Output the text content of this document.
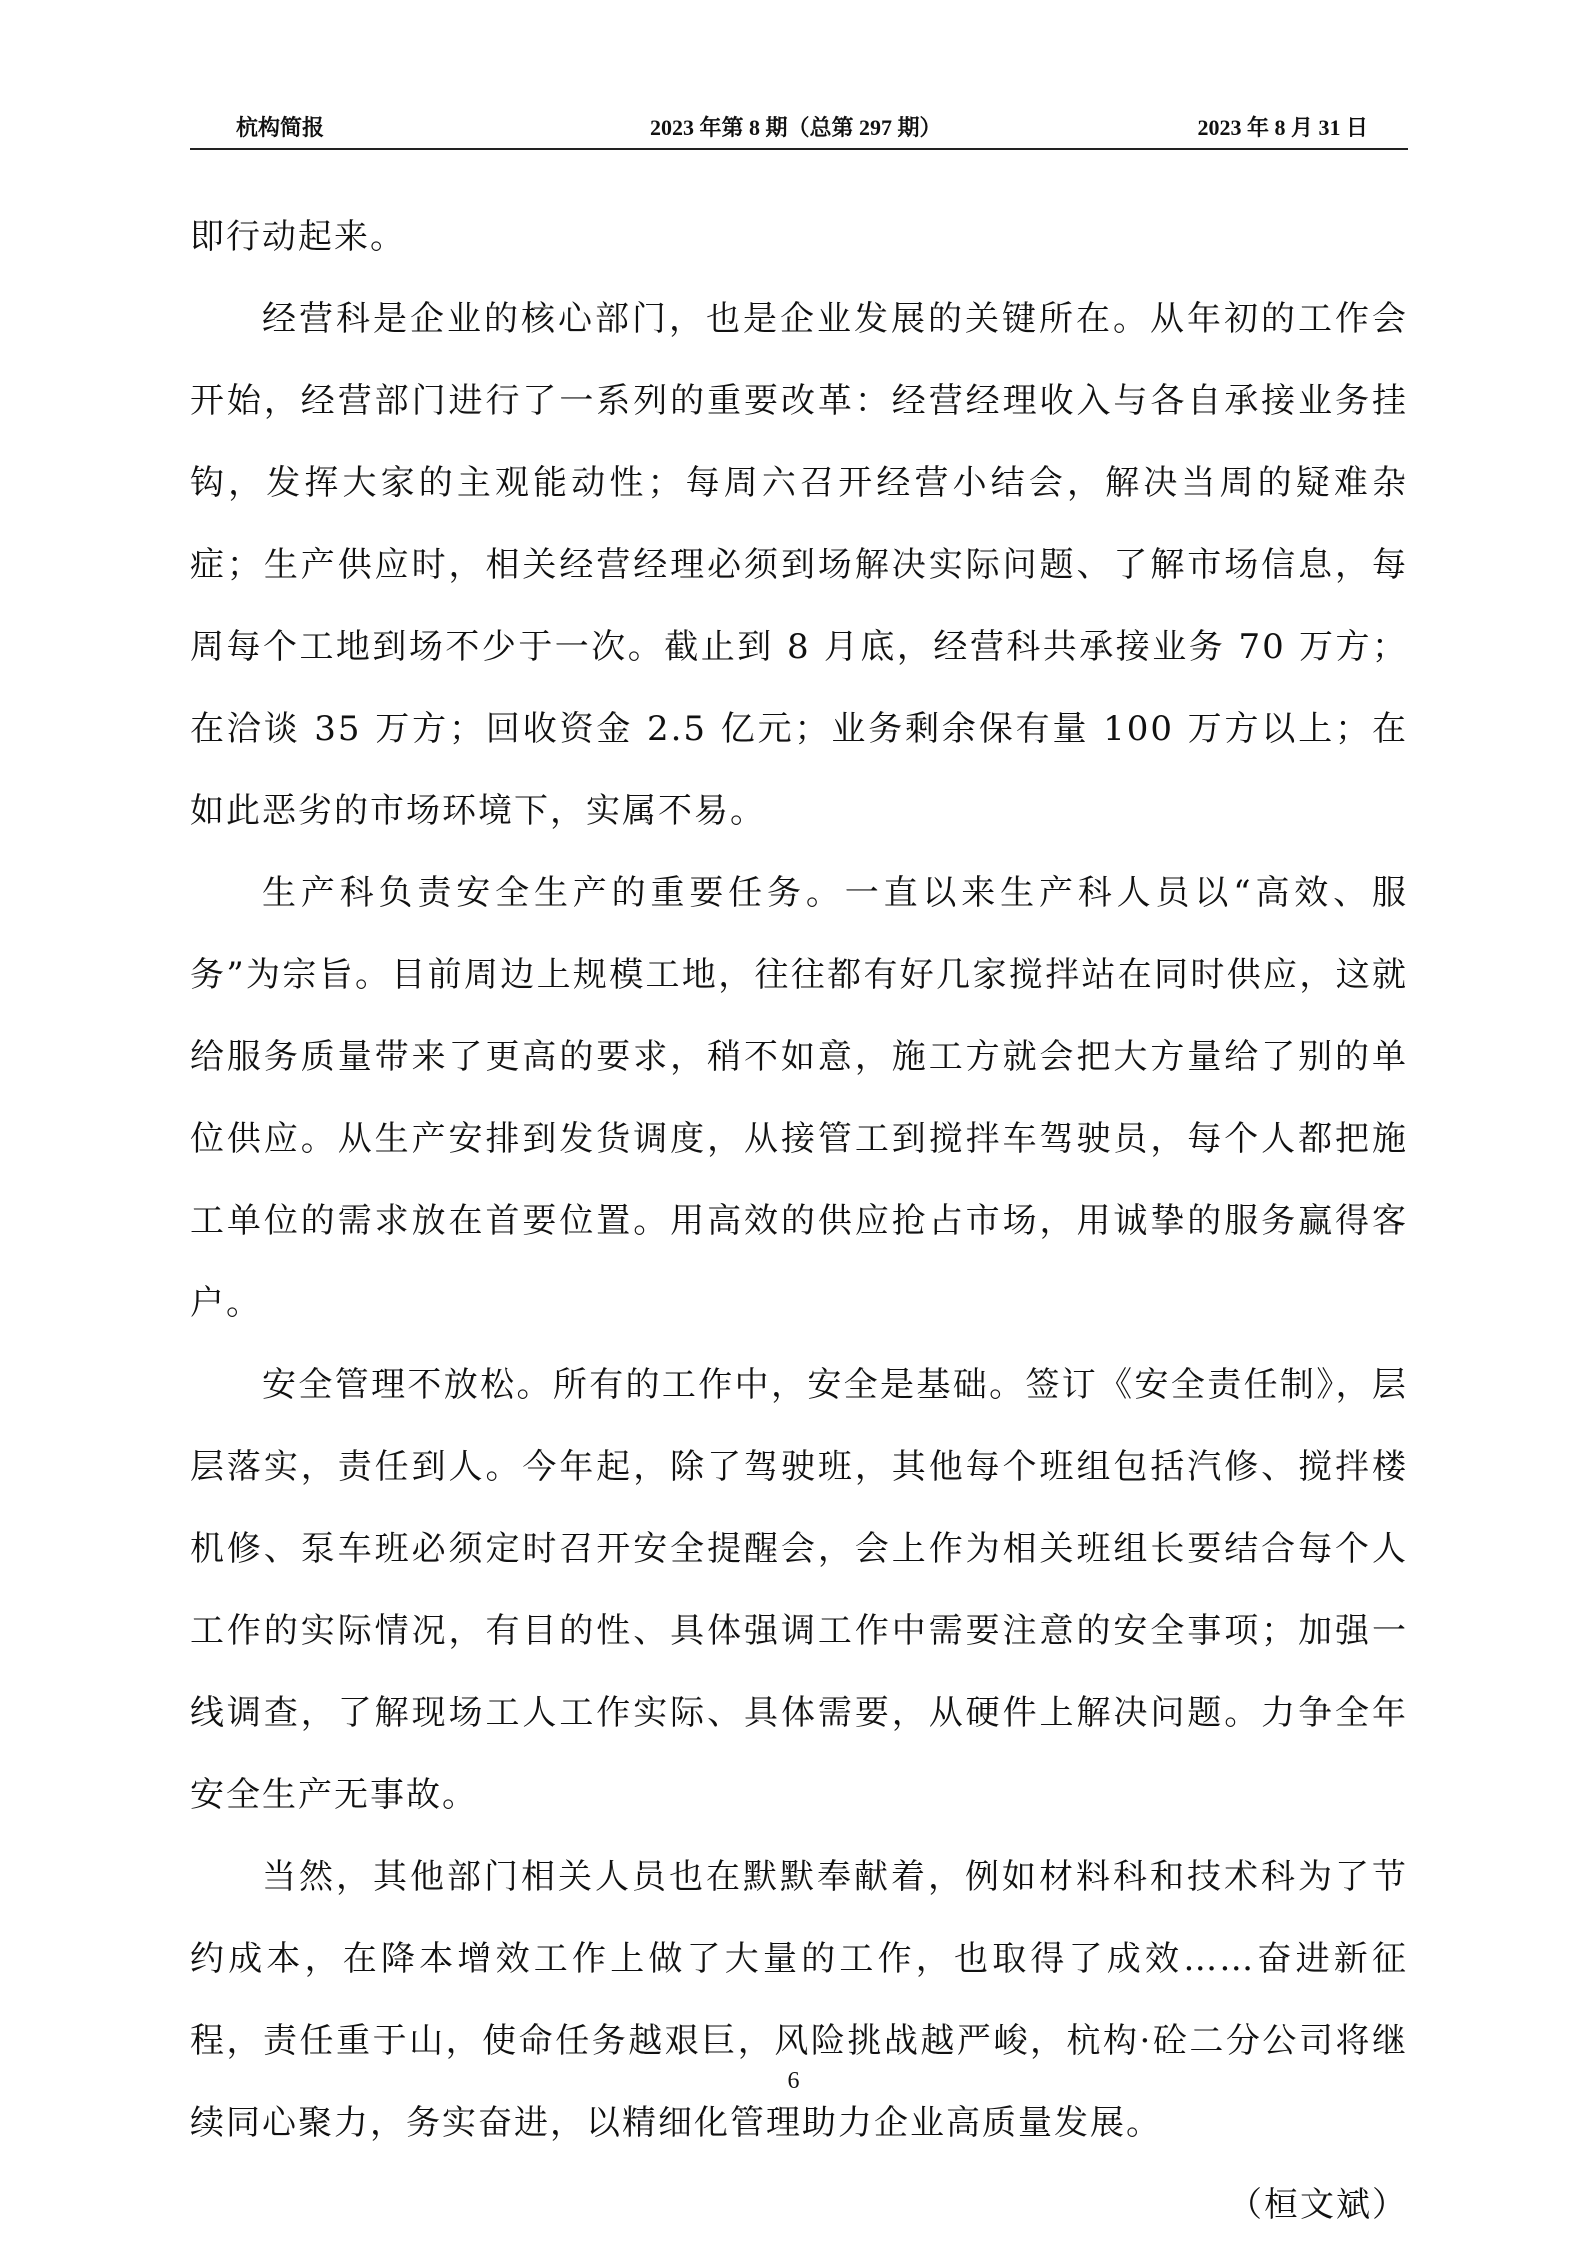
杭构简报	2023 年第 8 期（总第 297 期）	2023 年 8 月 31 日

即行动起来。

经营科是企业的核心部门，也是企业发展的关键所在。从年初的工作会开始，经营部门进行了一系列的重要改革：经营经理收入与各自承接业务挂钩，发挥大家的主观能动性；每周六召开经营小结会，解决当周的疑难杂症；生产供应时，相关经营经理必须到场解决实际问题、了解市场信息，每周每个工地到场不少于一次。截止到 8 月底，经营科共承接业务 70 万方；在洽谈 35 万方；回收资金 2.5 亿元；业务剩余保有量 100 万方以上；在如此恶劣的市场环境下，实属不易。

生产科负责安全生产的重要任务。一直以来生产科人员以“高效、服务”为宗旨。目前周边上规模工地，往往都有好几家搅拌站在同时供应，这就给服务质量带来了更高的要求，稍不如意，施工方就会把大方量给了别的单位供应。从生产安排到发货调度，从接管工到搅拌车驾驶员，每个人都把施工单位的需求放在首要位置。用高效的供应抢占市场，用诚挚的服务赢得客户。

安全管理不放松。所有的工作中，安全是基础。签订《安全责任制》，层层落实，责任到人。今年起，除了驾驶班，其他每个班组包括汽修、搅拌楼机修、泵车班必须定时召开安全提醒会，会上作为相关班组长要结合每个人工作的实际情况，有目的性、具体强调工作中需要注意的安全事项；加强一线调查，了解现场工人工作实际、具体需要，从硬件上解决问题。力争全年安全生产无事故。

当然，其他部门相关人员也在默默奉献着，例如材料科和技术科为了节约成本，在降本增效工作上做了大量的工作，也取得了成效……奋进新征程，责任重于山，使命任务越艰巨，风险挑战越严峻，杭构·砼二分公司将继续同心聚力，务实奋进，以精细化管理助力企业高质量发展。
（桓文斌）

6
